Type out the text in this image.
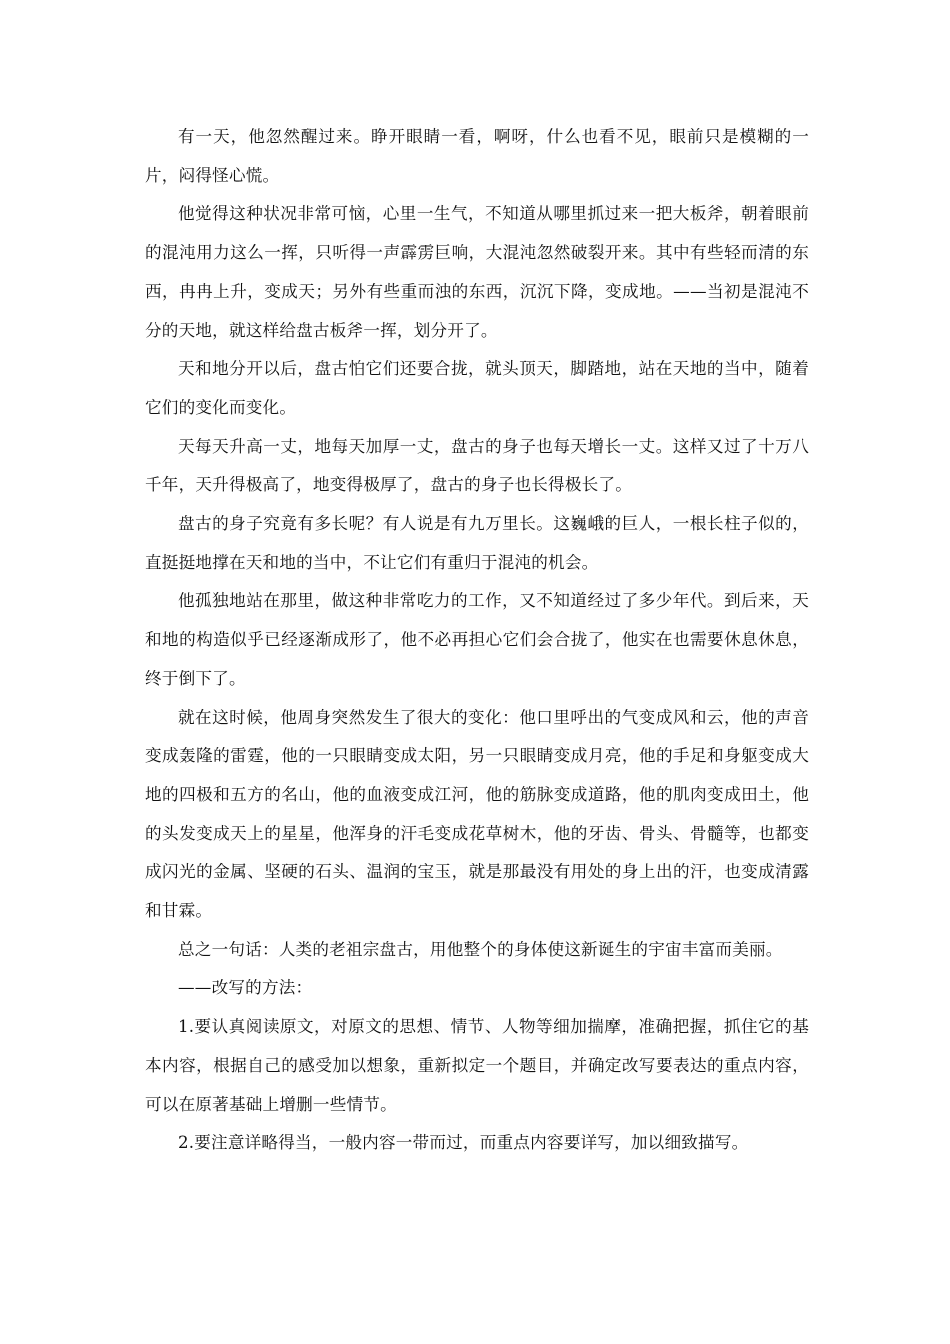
有一天，他忽然醒过来。睁开眼睛一看，啊呀，什么也看不见，眼前只是模糊的一片，闷得怪心慌。

他觉得这种状况非常可恼，心里一生气，不知道从哪里抓过来一把大板斧，朝着眼前的混沌用力这么一挥，只听得一声霹雳巨响，大混沌忽然破裂开来。其中有些轻而清的东西，冉冉上升，变成天；另外有些重而浊的东西，沉沉下降，变成地。——当初是混沌不分的天地，就这样给盘古板斧一挥，划分开了。

天和地分开以后，盘古怕它们还要合拢，就头顶天，脚踏地，站在天地的当中，随着它们的变化而变化。

天每天升高一丈，地每天加厚一丈，盘古的身子也每天增长一丈。这样又过了十万八千年，天升得极高了，地变得极厚了，盘古的身子也长得极长了。

盘古的身子究竟有多长呢？有人说是有九万里长。这巍峨的巨人，一根长柱子似的，直挺挺地撑在天和地的当中，不让它们有重归于混沌的机会。

他孤独地站在那里，做这种非常吃力的工作，又不知道经过了多少年代。到后来，天和地的构造似乎已经逐渐成形了，他不必再担心它们会合拢了，他实在也需要休息休息，终于倒下了。

就在这时候，他周身突然发生了很大的变化：他口里呼出的气变成风和云，他的声音变成轰隆的雷霆，他的一只眼睛变成太阳，另一只眼睛变成月亮，他的手足和身躯变成大地的四极和五方的名山，他的血液变成江河，他的筋脉变成道路，他的肌肉变成田土，他的头发变成天上的星星，他浑身的汗毛变成花草树木，他的牙齿、骨头、骨髓等，也都变成闪光的金属、坚硬的石头、温润的宝玉，就是那最没有用处的身上出的汗，也变成清露和甘霖。

总之一句话：人类的老祖宗盘古，用他整个的身体使这新诞生的宇宙丰富而美丽。

——改写的方法：

1.要认真阅读原文，对原文的思想、情节、人物等细加揣摩，准确把握，抓住它的基本内容，根据自己的感受加以想象，重新拟定一个题目，并确定改写要表达的重点内容，可以在原著基础上增删一些情节。

2.要注意详略得当，一般内容一带而过，而重点内容要详写，加以细致描写。
